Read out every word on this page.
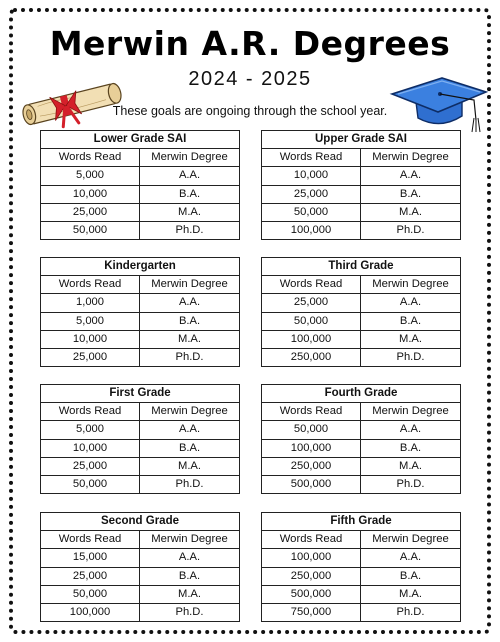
Merwin A.R. Degrees
2024 - 2025
These goals are ongoing through the school year.
Lower Grade SAI	
Words Read	Merwin Degree
5,000	A.A.
10,000	B.A.
25,000	M.A.
50,000	Ph.D.
Upper Grade SAI	
Words Read	Merwin Degree
10,000	A.A.
25,000	B.A.
50,000	M.A.
100,000	Ph.D.
Kindergarten	
Words Read	Merwin Degree
1,000	A.A.
5,000	B.A.
10,000	M.A.
25,000	Ph.D.
Third Grade	
Words Read	Merwin Degree
25,000	A.A.
50,000	B.A.
100,000	M.A.
250,000	Ph.D.
First Grade	
Words Read	Merwin Degree
5,000	A.A.
10,000	B.A.
25,000	M.A.
50,000	Ph.D.
Fourth Grade	
Words Read	Merwin Degree
50,000	A.A.
100,000	B.A.
250,000	M.A.
500,000	Ph.D.
Second Grade	
Words Read	Merwin Degree
15,000	A.A.
25,000	B.A.
50,000	M.A.
100,000	Ph.D.
Fifth Grade	
Words Read	Merwin Degree
100,000	A.A.
250,000	B.A.
500,000	M.A.
750,000	Ph.D.
